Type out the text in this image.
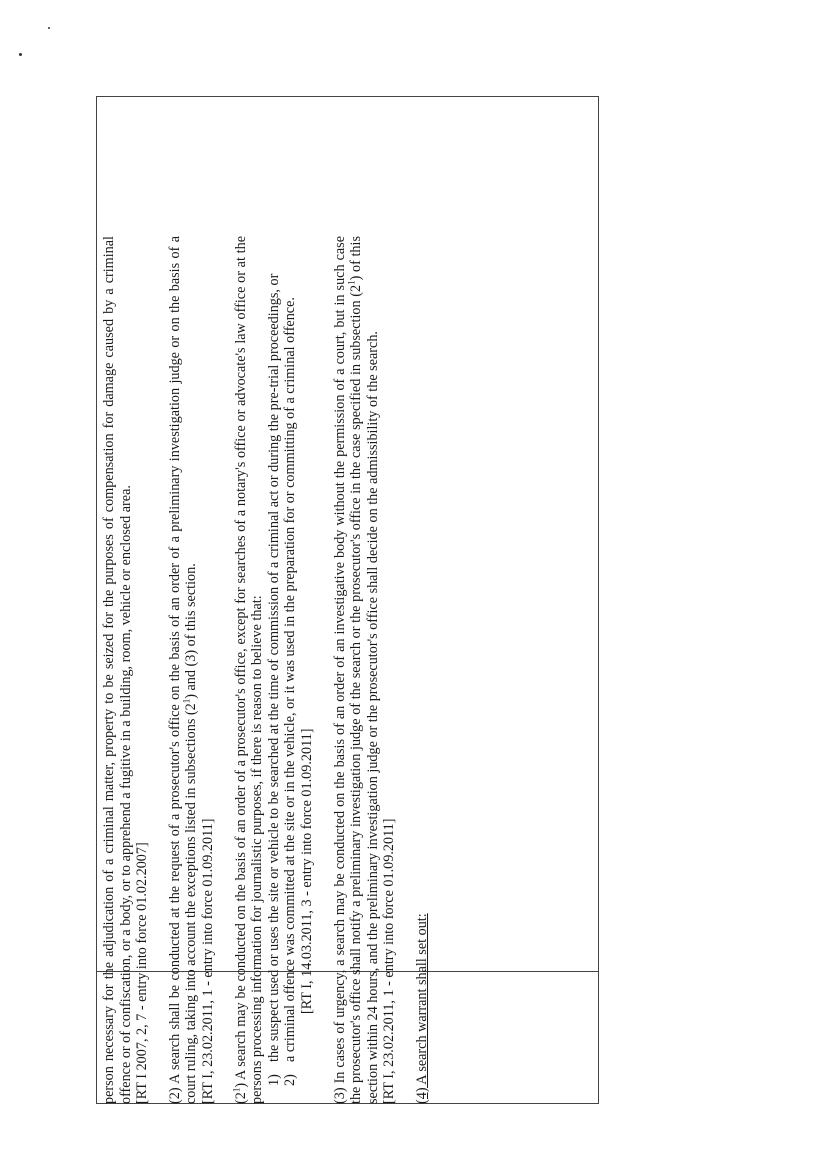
person necessary for the adjudication of a criminal matter, property to be seized for the purposes of compensation for damage caused by a criminal offence or of confiscation, or a body, or to apprehend a fugitive in a building, room, vehicle or enclosed area.
[RT I 2007, 2, 7 - entry into force 01.02.2007] (2) A search shall be conducted at the request of a prosecutor's office on the basis of an order of a preliminary investigation judge or on the basis of a court ruling, taking into account the exceptions listed in subsections $(2^1)$ and (3) of this section.
[RT I, 23.02.2011, 1 - entry into force 01.09.2011] $(2^1)$ A search may be conducted on the basis of an order of a prosecutor's office, except for searches of a notary's office or advocate's law office or at the persons processing information for journalistic purposes, if there is reason to believe that: 1)
the suspect used or uses the site or vehicle to be searched at the time of commission of a criminal act or during the pre-trial proceedings, or
2)
a criminal offence was committed at the site or in the vehicle, or it was used in the preparation for or committing of a criminal offence. [RT I, 14.03.2011, 3 - entry into force 01.09.2011] (3) In cases of urgency, a search may be conducted on the basis of an order of an investigative body without the permission of a court, but in such case the prosecutor's office shall notify a preliminary investigation judge of the search or the prosecutor's office in the case specified in subsection $(2^1)$ of this section within 24 hours, and the preliminary investigation judge or the prosecutor's office shall decide on the admissibility of the search.
[RT I, 23.02.2011, 1 - entry into force 01.09.2011] (4) A search warrant shall set out:
